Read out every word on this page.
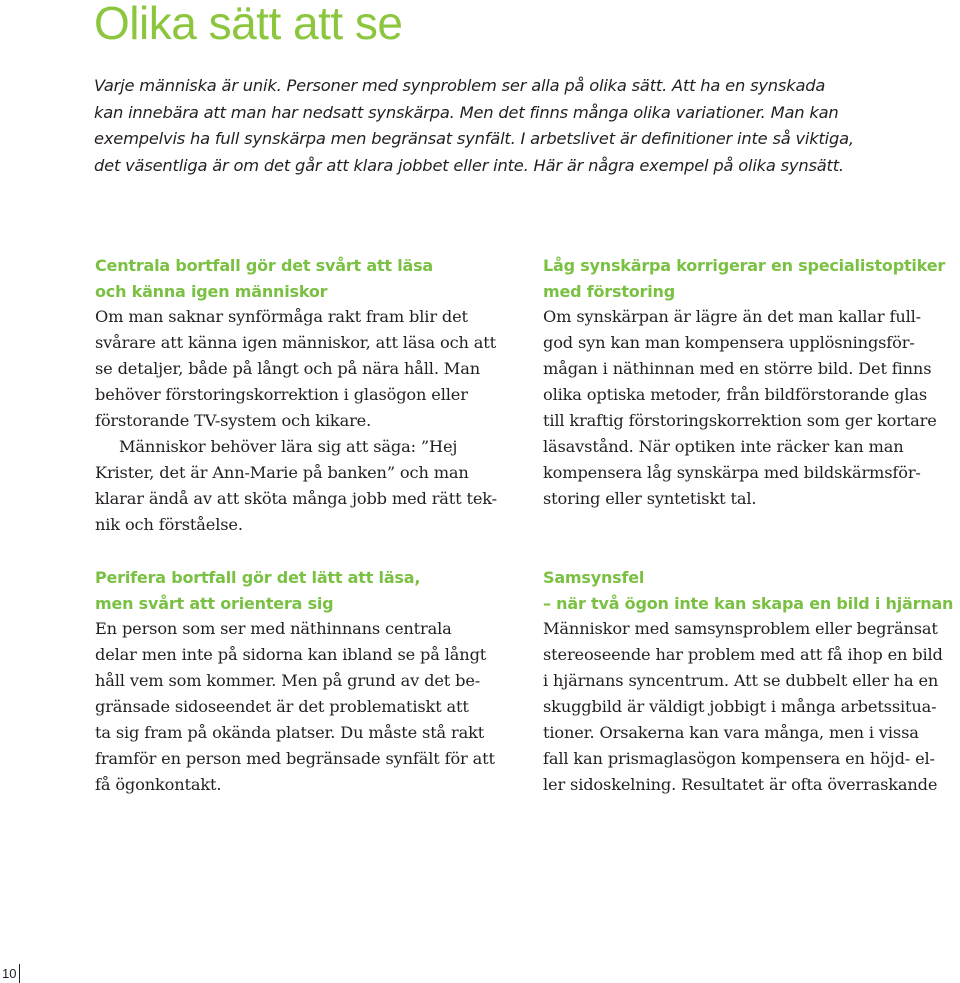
Olika sätt att se
Varje människa är unik. Personer med synproblem ser alla på olika sätt. Att ha en synskada
kan innebära att man har nedsatt synskärpa. Men det finns många olika variationer. Man kan
exempelvis ha full synskärpa men begränsat synfält. I arbetslivet är definitioner inte så viktiga,
det väsentliga är om det går att klara jobbet eller inte. Här är några exempel på olika synsätt.
Centrala bortfall gör det svårt att läsa
och känna igen människor

Om man saknar synförmåga rakt fram blir det
svårare att känna igen människor, att läsa och att
se detaljer, både på långt och på nära håll. Man
behöver förstoringskorrektion i glasögon eller
förstorande TV-system och kikare.

Människor behöver lära sig att säga: ”Hej
Krister, det är Ann-Marie på banken” och man
klarar ändå av att sköta många jobb med rätt tek-
nik och förståelse.

Perifera bortfall gör det lätt att läsa,
men svårt att orientera sig

En person som ser med näthinnans centrala
delar men inte på sidorna kan ibland se på långt
håll vem som kommer. Men på grund av det be-
gränsade sidoseendet är det problematiskt att
ta sig fram på okända platser. Du måste stå rakt
framför en person med begränsade synfält för att
få ögonkontakt.

Låg synskärpa korrigerar en specialistoptiker
med förstoring

Om synskärpan är lägre än det man kallar full-
god syn kan man kompensera upplösningsför-
mågan i näthinnan med en större bild. Det finns
olika optiska metoder, från bildförstorande glas
till kraftig förstoringskorrektion som ger kortare
läsavstånd. När optiken inte räcker kan man
kompensera låg synskärpa med bildskärmsför-
storing eller syntetiskt tal.

Samsynsfel
– när två ögon inte kan skapa en bild i hjärnan

Människor med samsynsproblem eller begränsat
stereoseende har problem med att få ihop en bild
i hjärnans syncentrum. Att se dubbelt eller ha en
skuggbild är väldigt jobbigt i många arbetssitua-
tioner. Orsakerna kan vara många, men i vissa
fall kan prismaglasögon kompensera en höjd- el-
ler sidoskelning. Resultatet är ofta överraskande

10
